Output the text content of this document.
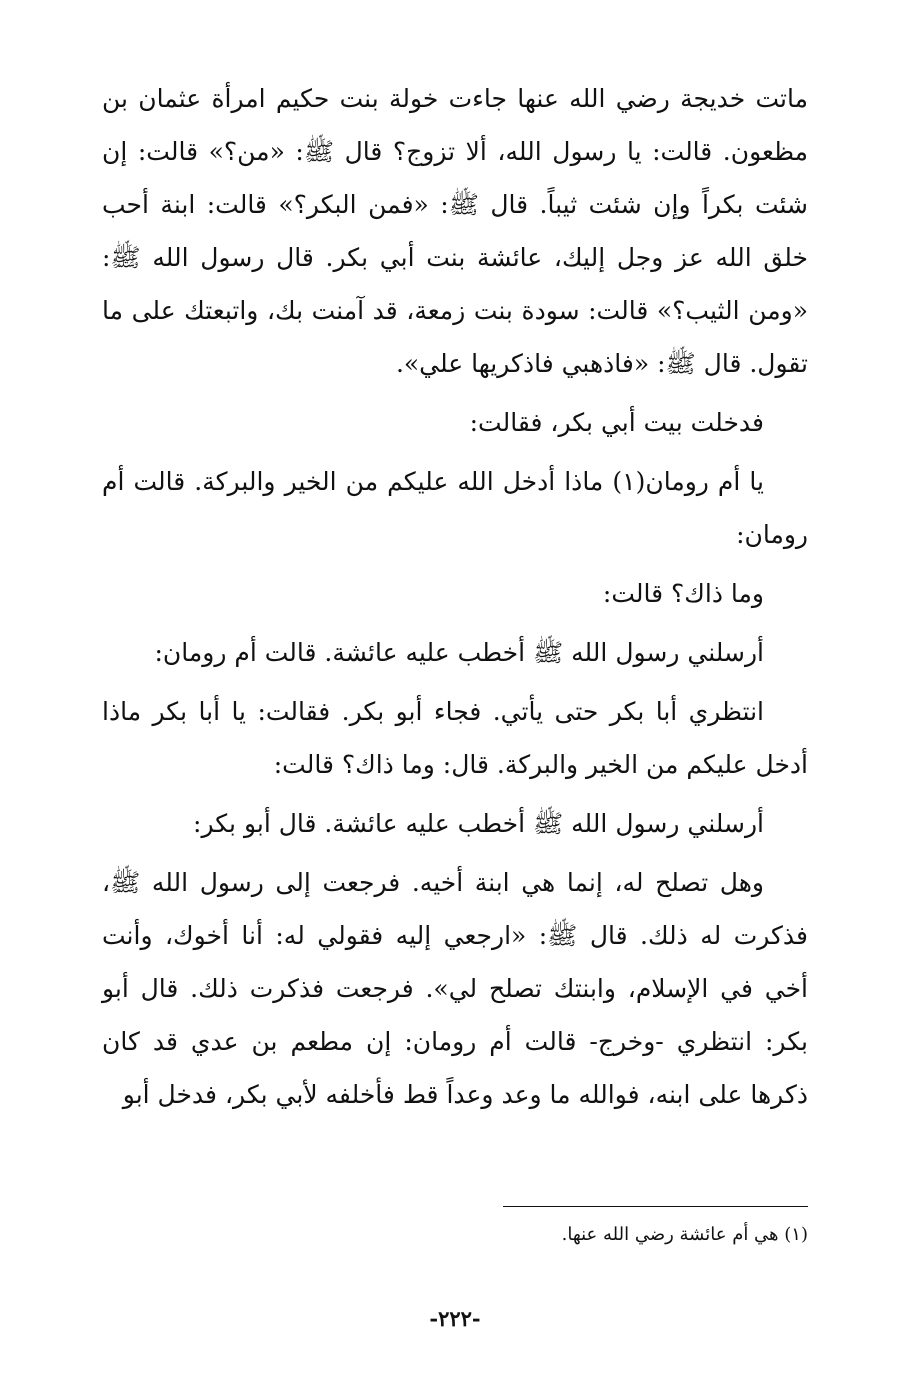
ماتت خديجة رضي الله عنها جاءت خولة بنت حكيم امرأة عثمان بن مظعون. قالت: يا رسول الله، ألا تزوج؟ قال ﷺ: «من؟» قالت: إن شئت بكراً وإن شئت ثيباً. قال ﷺ: «فمن البكر؟» قالت: ابنة أحب خلق الله عز وجل إليك، عائشة بنت أبي بكر. قال رسول الله ﷺ: «ومن الثيب؟» قالت: سودة بنت زمعة، قد آمنت بك، واتبعتك على ما تقول. قال ﷺ: «فاذهبي فاذكريها علي».

فدخلت بيت أبي بكر، فقالت:

يا أم رومان(١) ماذا أدخل الله عليكم من الخير والبركة. قالت أم رومان:

وما ذاك؟ قالت:

أرسلني رسول الله ﷺ أخطب عليه عائشة. قالت أم رومان:

انتظري أبا بكر حتى يأتي. فجاء أبو بكر. فقالت: يا أبا بكر ماذا أدخل عليكم من الخير والبركة. قال: وما ذاك؟ قالت:

أرسلني رسول الله ﷺ أخطب عليه عائشة. قال أبو بكر:

وهل تصلح له، إنما هي ابنة أخيه. فرجعت إلى رسول الله ﷺ، فذكرت له ذلك. قال ﷺ: «ارجعي إليه فقولي له: أنا أخوك، وأنت أخي في الإسلام، وابنتك تصلح لي». فرجعت فذكرت ذلك. قال أبو بكر: انتظري -وخرج- قالت أم رومان: إن مطعم بن عدي قد كان ذكرها على ابنه، فوالله ما وعد وعداً قط فأخلفه لأبي بكر، فدخل أبو

(١) هي أم عائشة رضي الله عنها.
-٢٢٢-
